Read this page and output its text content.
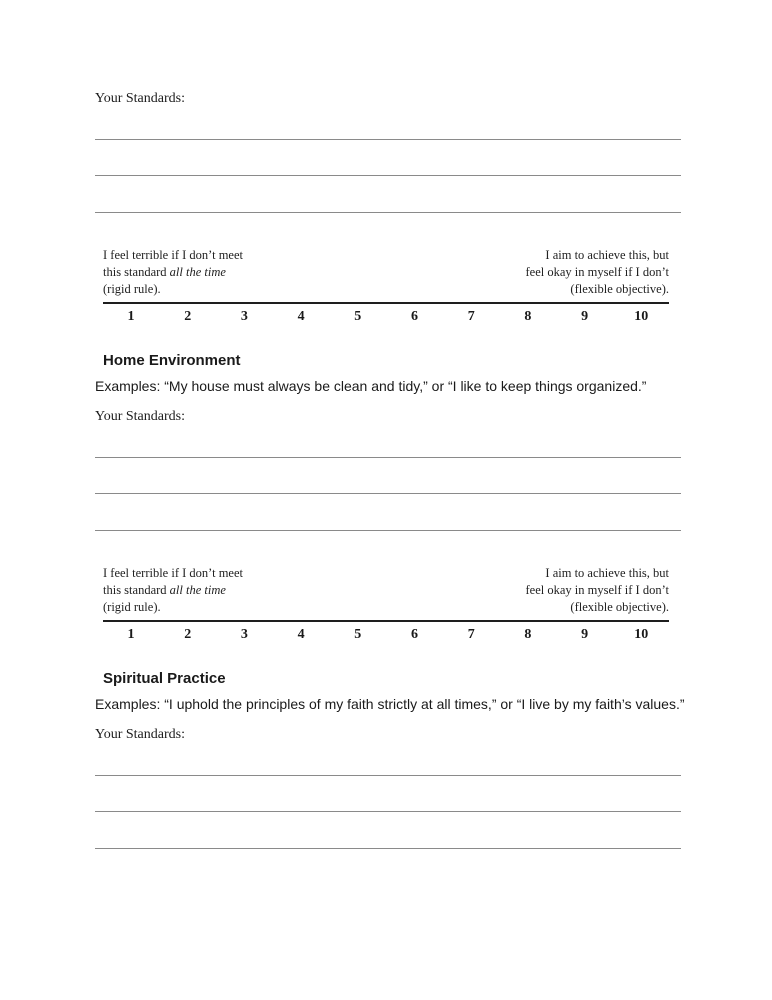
Your Standards:
I feel terrible if I don’t meet
this standard all the time
(rigid rule).
I aim to achieve this, but
feel okay in myself if I don’t
(flexible objective).
1	2	3	4	5	6	7	8	9	10
Home Environment
Examples: “My house must always be clean and tidy,” or “I like to keep things organized.”
Your Standards:
I feel terrible if I don’t meet
this standard all the time
(rigid rule).
I aim to achieve this, but
feel okay in myself if I don’t
(flexible objective).
1	2	3	4	5	6	7	8	9	10
Spiritual Practice
Examples: “I uphold the principles of my faith strictly at all times,” or “I live by my faith’s values.”
Your Standards:
